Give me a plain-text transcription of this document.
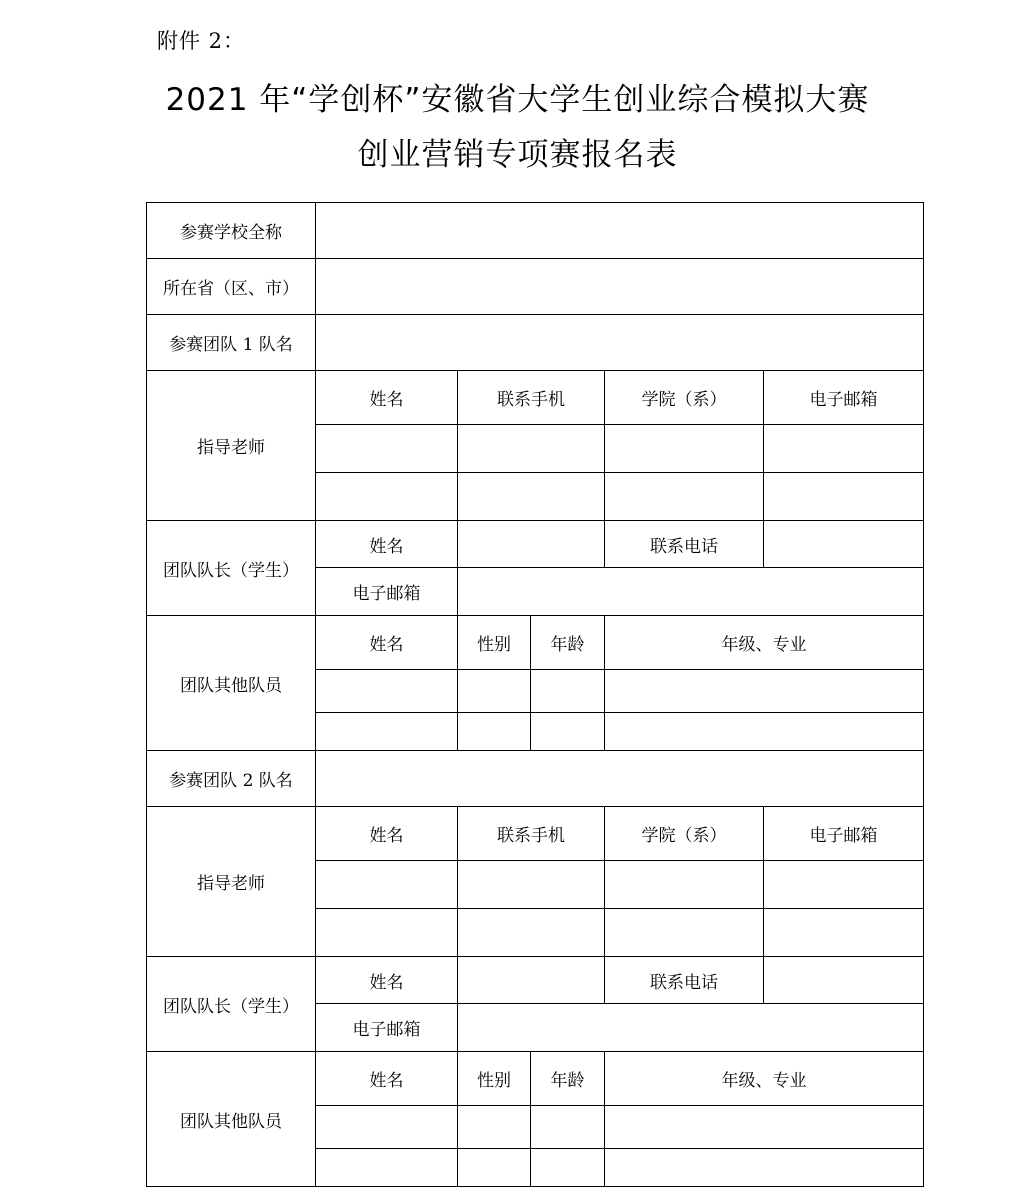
附件 2：
2021 年“学创杯”安徽省大学生创业综合模拟大赛
创业营销专项赛报名表
参赛学校全称					
所在省（区、市）					
参赛团队 1 队名					
指导老师	姓名	联系手机		学院（系）	电子邮箱

团队队长（学生）	姓名			联系电话	
	电子邮箱				
团队其他队员	姓名	性别	年龄	年级、专业	

参赛团队 2 队名					
指导老师	姓名	联系手机		学院（系）	电子邮箱

团队队长（学生）	姓名			联系电话	
	电子邮箱				
团队其他队员	姓名	性别	年龄	年级、专业	
